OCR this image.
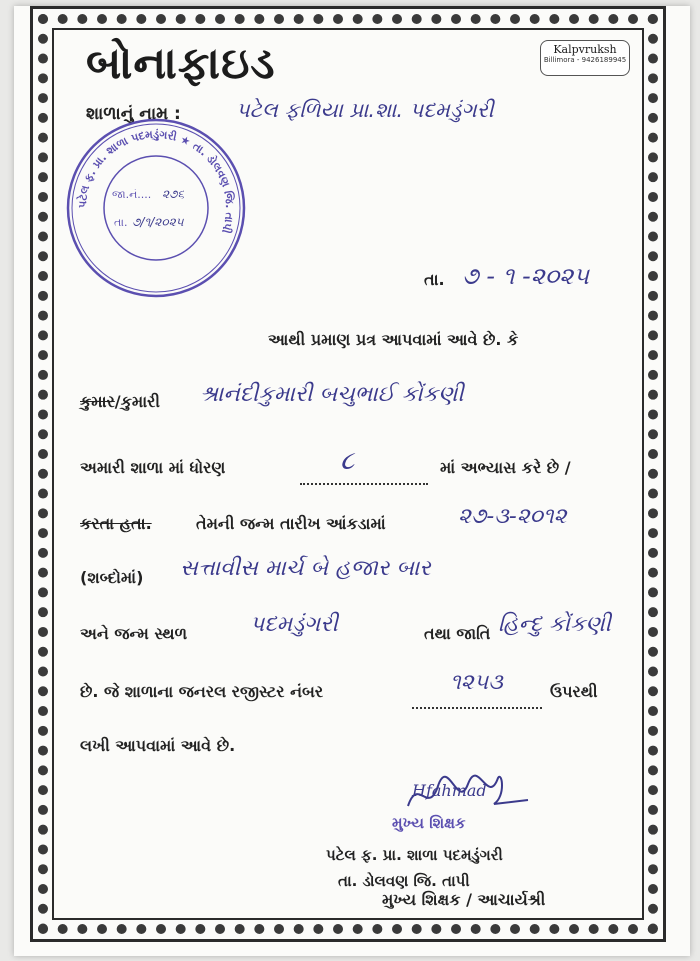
બોનાફાઇડ	Kalpvruksh
Billimora - 9426189945
શાળાનું નામ :	પટેલ ફળિયા પ્રા.શા. પદમડુંગરી
પટેલ ફ. પ્રા. શાળા પદમડુંગરી ★ તા. ડોલવણ જિ. તાપી
જા.નં.... ૨૭૬
તા. ૭/૧/૨૦૨૫
તા. ૭ - ૧ -૨૦૨૫
આથી પ્રમાણ પ્રત્ર આપવામાં આવે છે. કે
કુમાર/કુમારી શ્રાનંદીકુમારી બચુભાઈ કોંકણી
અમારી શાળા માં ધોરણ	૮	માં અભ્યાસ કરે છે /
કરતા હતા.	તેમની જન્મ તારીખ આંકડામાં	૨૭-૩-૨૦૧૨
(શબ્દોમાં) સત્તાવીસ માર્ચ બે હજાર બાર
અને જન્મ સ્થળ	પદમડુંગરી	તથા જાતિ હિન્દુ કોંકણી
છે. જે શાળાના જનરલ રજીસ્ટર નંબર	૧૨૫૩	ઉપરથી
લખી આપવામાં આવે છે.
Hfahmad
મુખ્ય શિક્ષક
પટેલ ફ. પ્રા. શાળા પદમડુંગરી
તા. ડોલવણ જિ. તાપી
મુખ્ય શિક્ષક / આચાર્યશ્રી
